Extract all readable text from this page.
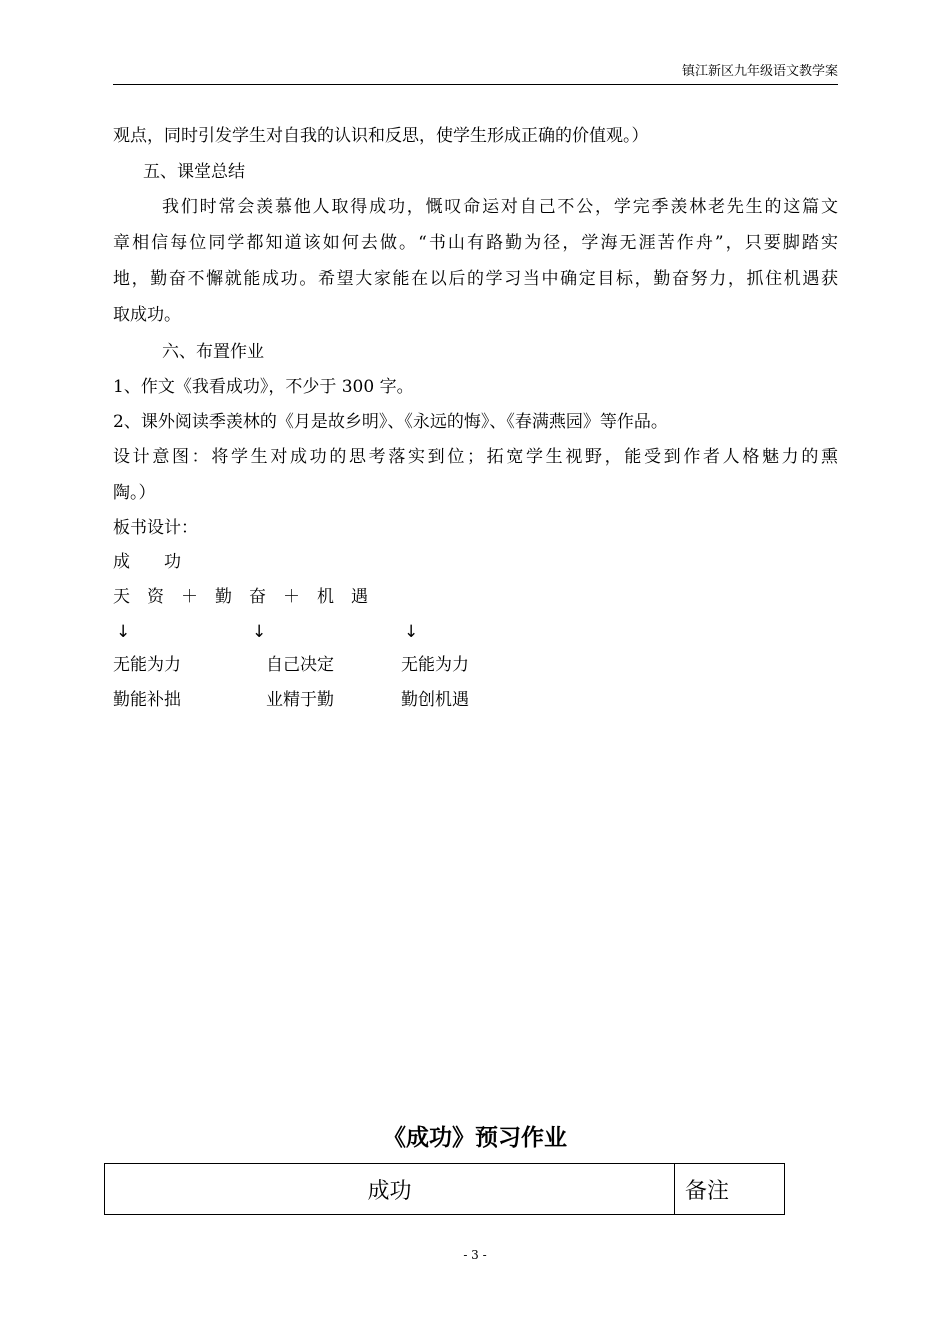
镇江新区九年级语文教学案
观点，同时引发学生对自我的认识和反思，使学生形成正确的价值观。）
五、课堂总结
我们时常会羡慕他人取得成功，慨叹命运对自己不公，学完季羡林老先生的这篇文
章相信每位同学都知道该如何去做。“书山有路勤为径，学海无涯苦作舟”，只要脚踏实
地，勤奋不懈就能成功。希望大家能在以后的学习当中确定目标，勤奋努力，抓住机遇获
取成功。
六、布置作业
1、作文《我看成功》，不少于 300 字。
2、课外阅读季羡林的《月是故乡明》、《永远的悔》、《春满燕园》等作品。
设计意图：将学生对成功的思考落实到位；拓宽学生视野，能受到作者人格魅力的熏
陶。）
板书设计：
成　　功
天　资　＋　勤　奋　＋　机　遇
↓	↓	↓
无能为力	自己决定	无能为力
勤能补拙	业精于勤	勤创机遇
《成功》预习作业
成功	备注
- 3 -
